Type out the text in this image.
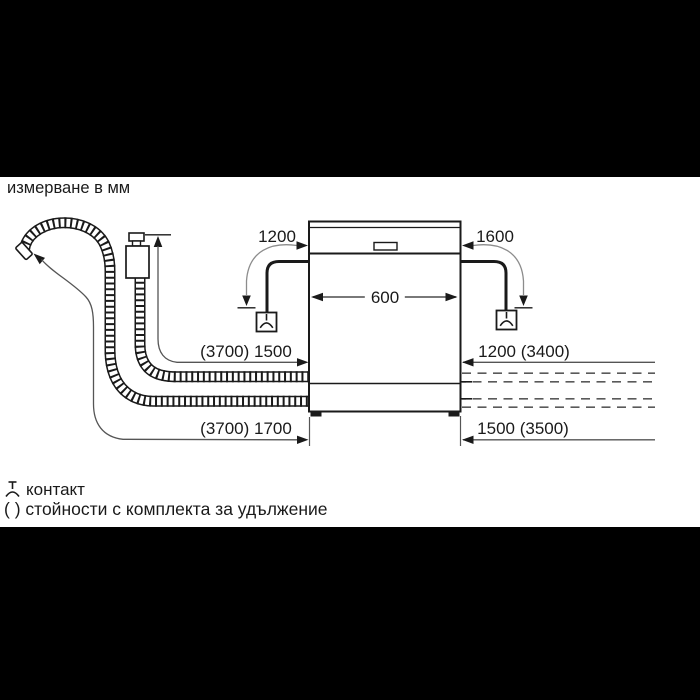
измерване в мм
1200	1600
600
(3700) 1500	1200 (3400)
(3700) 1700	1500 (3500)
контакт
( ) стойности с комплекта за удължение
